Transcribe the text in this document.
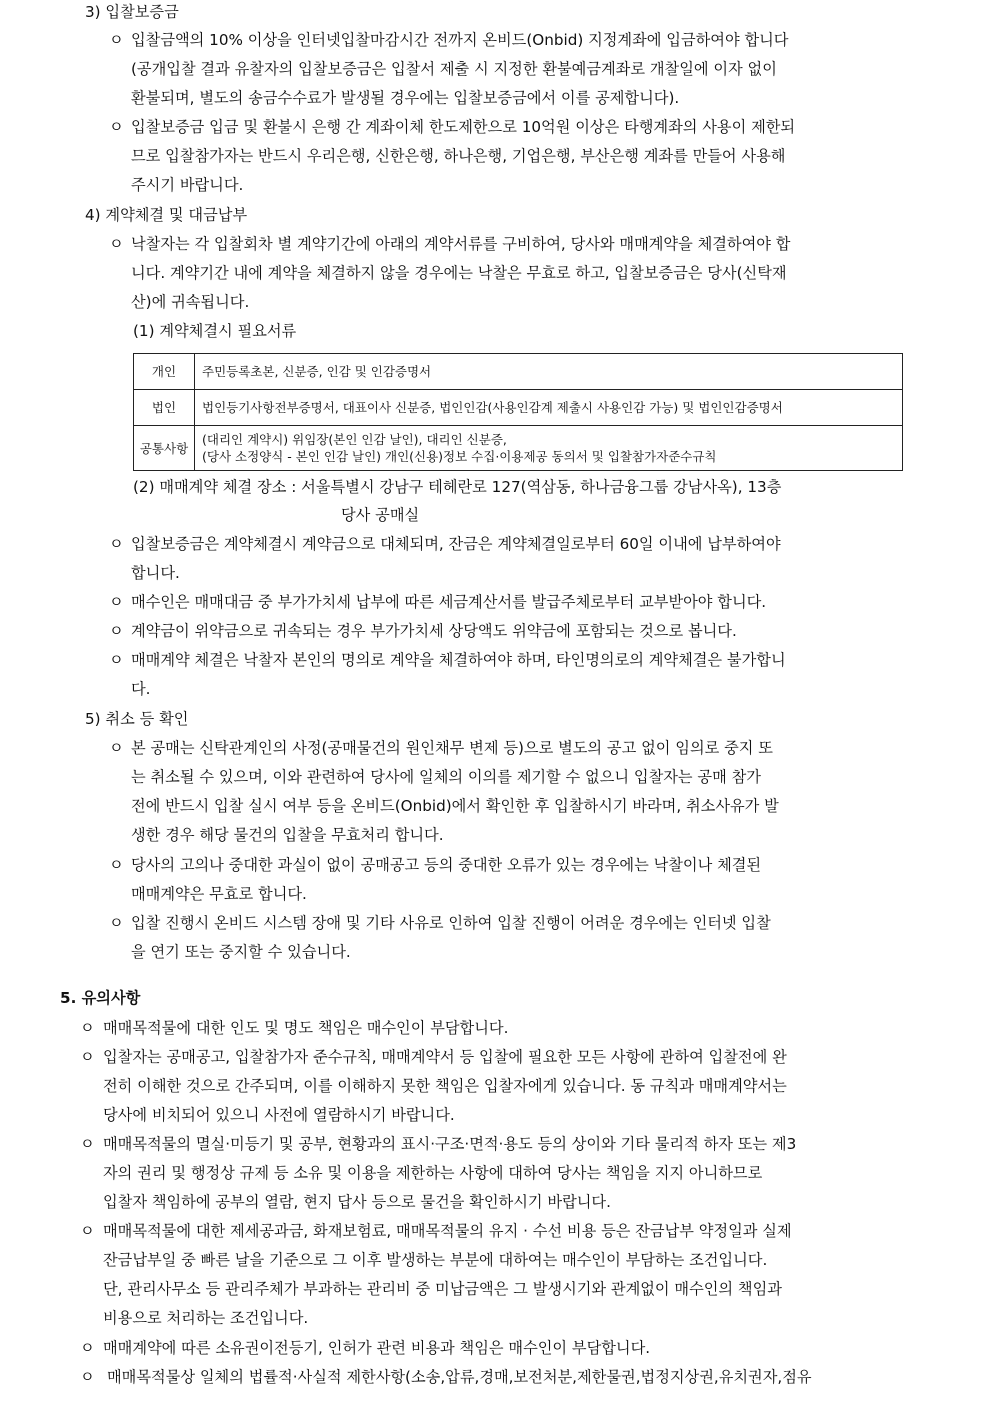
3) 입찰보증금
ㅇ 입찰금액의 10% 이상을 인터넷입찰마감시간 전까지 온비드(Onbid) 지정계좌에 입금하여야 합니다
(공개입찰 결과 유찰자의 입찰보증금은 입찰서 제출 시 지정한 환불예금계좌로 개찰일에 이자 없이
환불되며, 별도의 송금수수료가 발생될 경우에는 입찰보증금에서 이를 공제합니다).
ㅇ 입찰보증금 입금 및 환불시 은행 간 계좌이체 한도제한으로 10억원 이상은 타행계좌의 사용이 제한되
므로 입찰참가자는 반드시 우리은행, 신한은행, 하나은행, 기업은행, 부산은행 계좌를 만들어 사용해
주시기 바랍니다.
4) 계약체결 및 대금납부
ㅇ 낙찰자는 각 입찰회차 별 계약기간에 아래의 계약서류를 구비하여, 당사와 매매계약을 체결하여야 합
니다. 계약기간 내에 계약을 체결하지 않을 경우에는 낙찰은 무효로 하고, 입찰보증금은 당사(신탁재
산)에 귀속됩니다.
(1) 계약체결시 필요서류
개인	주민등록초본, 신분증, 인감 및 인감증명서
법인	법인등기사항전부증명서, 대표이사 신분증, 법인인감(사용인감계 제출시 사용인감 가능) 및 법인인감증명서
공통사항	(대리인 계약시) 위임장(본인 인감 날인), 대리인 신분증,
(당사 소정양식 - 본인 인감 날인) 개인(신용)정보 수집·이용제공 동의서 및 입찰참가자준수규칙
(2) 매매계약 체결 장소 : 서울특별시 강남구 테헤란로 127(역삼동, 하나금융그룹 강남사옥), 13층
당사 공매실
ㅇ 입찰보증금은 계약체결시 계약금으로 대체되며, 잔금은 계약체결일로부터 60일 이내에 납부하여야
합니다.
ㅇ 매수인은 매매대금 중 부가가치세 납부에 따른 세금계산서를 발급주체로부터 교부받아야 합니다.
ㅇ 계약금이 위약금으로 귀속되는 경우 부가가치세 상당액도 위약금에 포함되는 것으로 봅니다.
ㅇ 매매계약 체결은 낙찰자 본인의 명의로 계약을 체결하여야 하며, 타인명의로의 계약체결은 불가합니
다.
5) 취소 등 확인
ㅇ 본 공매는 신탁관계인의 사정(공매물건의 원인채무 변제 등)으로 별도의 공고 없이 임의로 중지 또
는 취소될 수 있으며, 이와 관련하여 당사에 일체의 이의를 제기할 수 없으니 입찰자는 공매 참가
전에 반드시 입찰 실시 여부 등을 온비드(Onbid)에서 확인한 후 입찰하시기 바라며, 취소사유가 발
생한 경우 해당 물건의 입찰을 무효처리 합니다.
ㅇ 당사의 고의나 중대한 과실이 없이 공매공고 등의 중대한 오류가 있는 경우에는 낙찰이나 체결된
매매계약은 무효로 합니다.
ㅇ 입찰 진행시 온비드 시스템 장애 및 기타 사유로 인하여 입찰 진행이 어려운 경우에는 인터넷 입찰
을 연기 또는 중지할 수 있습니다.
5. 유의사항
ㅇ 매매목적물에 대한 인도 및 명도 책임은 매수인이 부담합니다.
ㅇ 입찰자는 공매공고, 입찰참가자 준수규칙, 매매계약서 등 입찰에 필요한 모든 사항에 관하여 입찰전에 완
전히 이해한 것으로 간주되며, 이를 이해하지 못한 책임은 입찰자에게 있습니다. 동 규칙과 매매계약서는
당사에 비치되어 있으니 사전에 열람하시기 바랍니다.
ㅇ 매매목적물의 멸실·미등기 및 공부, 현황과의 표시·구조·면적·용도 등의 상이와 기타 물리적 하자 또는 제3
자의 권리 및 행정상 규제 등 소유 및 이용을 제한하는 사항에 대하여 당사는 책임을 지지 아니하므로
입찰자 책임하에 공부의 열람, 현지 답사 등으로 물건을 확인하시기 바랍니다.
ㅇ 매매목적물에 대한 제세공과금, 화재보험료, 매매목적물의 유지 · 수선 비용 등은 잔금납부 약정일과 실제
잔금납부일 중 빠른 날을 기준으로 그 이후 발생하는 부분에 대하여는 매수인이 부담하는 조건입니다.
단, 관리사무소 등 관리주체가 부과하는 관리비 중 미납금액은 그 발생시기와 관계없이 매수인의 책임과
비용으로 처리하는 조건입니다.
ㅇ 매매계약에 따른 소유권이전등기, 인허가 관련 비용과 책임은 매수인이 부담합니다.
ㅇ 매매목적물상 일체의 법률적·사실적 제한사항(소송,압류,경매,보전처분,제한물권,법정지상권,유치권자,점유
